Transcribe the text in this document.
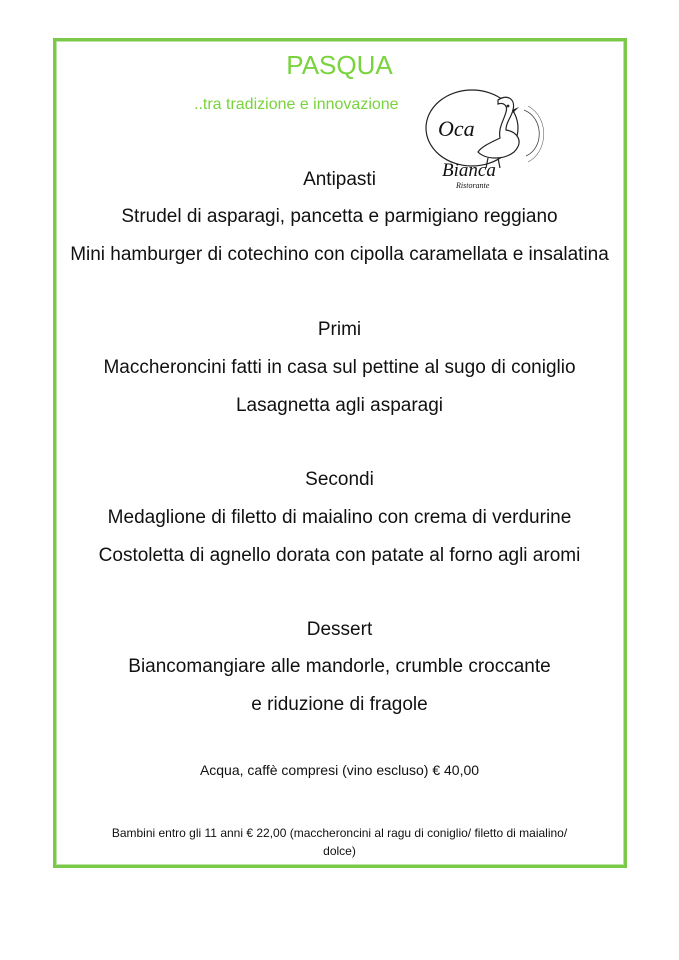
PASQUA
..tra tradizione e innovazione
Oca
Bianca
Ristorante
Antipasti
Strudel di asparagi, pancetta e parmigiano reggiano
Mini hamburger di cotechino con cipolla caramellata e insalatina
Primi
Maccheroncini fatti in casa sul pettine al sugo di coniglio
Lasagnetta agli asparagi
Secondi
Medaglione di filetto di maialino con crema di verdurine
Costoletta di agnello dorata con patate al forno agli aromi
Dessert
Biancomangiare alle mandorle, crumble croccante
e riduzione di fragole
Acqua, caffè compresi (vino escluso) € 40,00
Bambini entro gli 11 anni € 22,00 (maccheroncini al ragu di coniglio/ filetto di maialino/
dolce)
